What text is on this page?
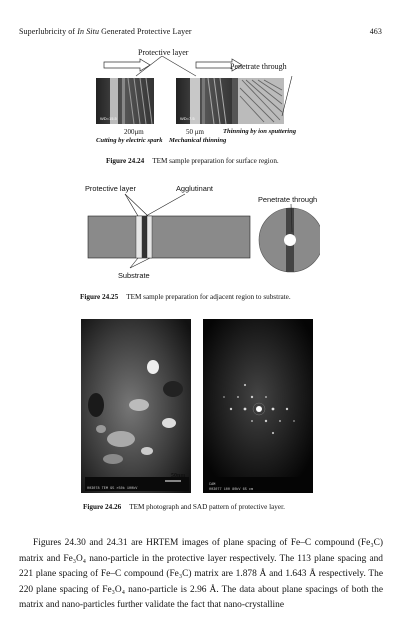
Superlubricity of In Situ Generated Protective Layer	463
Protective layer
Penetrate through
WD=15.5	WD=7.5
200μm	50 μm	Thinning by ion sputtering
Cutting by electric spark Mechanical thinning
Figure 24.24 TEM sample preparation for surface region.
Protective layer	Agglutinant
Penetrate through
Substrate
Figure 24.25 TEM sample preparation for adjacent region to substrate.
003078 TEM 95 ×50k 100kV
50nm
CAM
003077 100 80kV 65 cm
Figure 24.26 TEM photograph and SAD pattern of protective layer.

Figures 24.30 and 24.31 are HRTEM images of plane spacing of Fe–C compound (Fe₃C) matrix and Fe₃O₄ nano-particle in the protective layer respectively. The 113 plane spacing and 221 plane spacing of Fe–C compound (Fe₃C) matrix are 1.878 Å and 1.643 Å respectively. The 220 plane spacing of Fe₃O₄ nano-particle is 2.96 Å. The data about plane spacings of both the matrix and nano-particles further validate the fact that nano-crystalline
